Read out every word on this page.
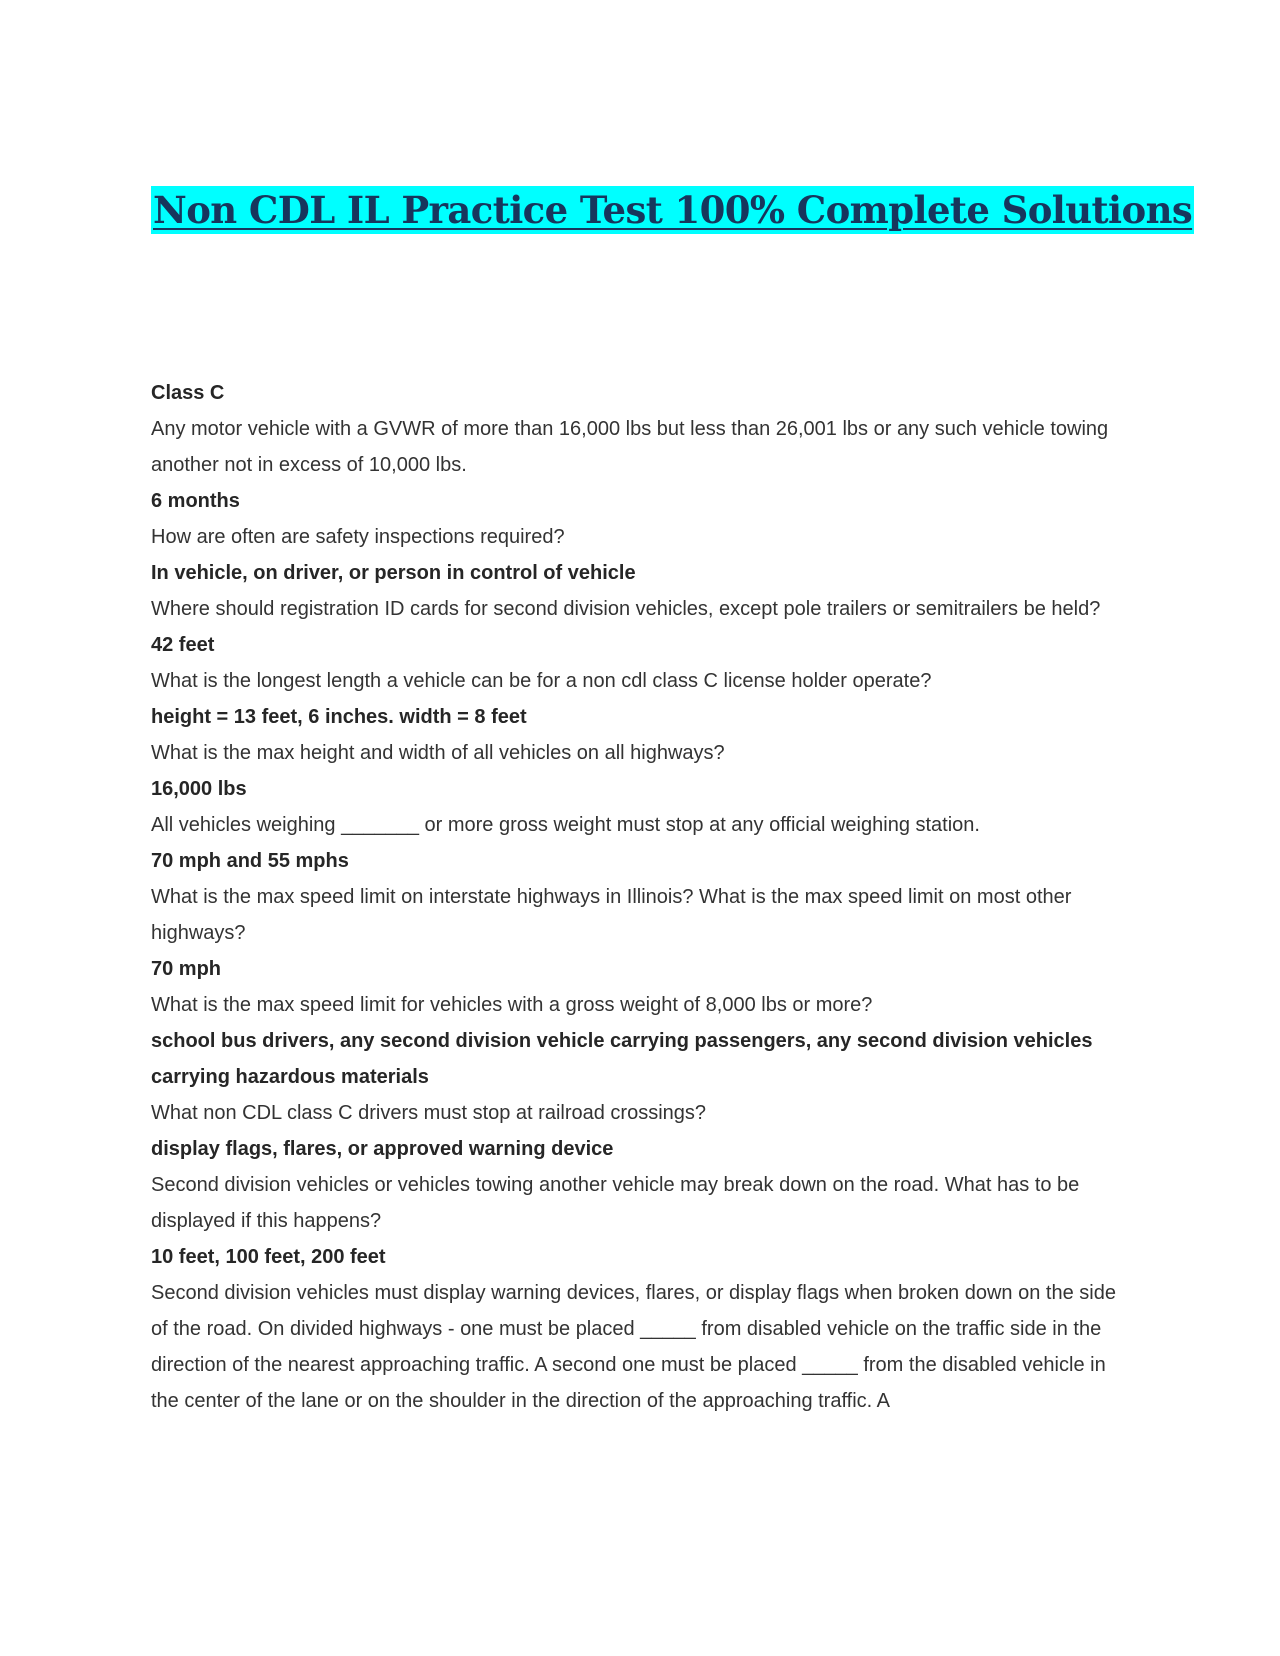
Non CDL IL Practice Test 100% Complete Solutions

Class C

Any motor vehicle with a GVWR of more than 16,000 lbs but less than 26,001 lbs or any such vehicle towing another not in excess of 10,000 lbs.

6 months

How are often are safety inspections required?

In vehicle, on driver, or person in control of vehicle

Where should registration ID cards for second division vehicles, except pole trailers or semitrailers be held?

42 feet

What is the longest length a vehicle can be for a non cdl class C license holder operate?

height = 13 feet, 6 inches. width = 8 feet

What is the max height and width of all vehicles on all highways?

16,000 lbs

All vehicles weighing _______ or more gross weight must stop at any official weighing station.

70 mph and 55 mphs

What is the max speed limit on interstate highways in Illinois? What is the max speed limit on most other highways?

70 mph

What is the max speed limit for vehicles with a gross weight of 8,000 lbs or more?

school bus drivers, any second division vehicle carrying passengers, any second division vehicles carrying hazardous materials

What non CDL class C drivers must stop at railroad crossings?

display flags, flares, or approved warning device

Second division vehicles or vehicles towing another vehicle may break down on the road. What has to be displayed if this happens?

10 feet, 100 feet, 200 feet

Second division vehicles must display warning devices, flares, or display flags when broken down on the side of the road. On divided highways - one must be placed _____ from disabled vehicle on the traffic side in the direction of the nearest approaching traffic. A second one must be placed _____ from the disabled vehicle in the center of the lane or on the shoulder in the direction of the approaching traffic. A
